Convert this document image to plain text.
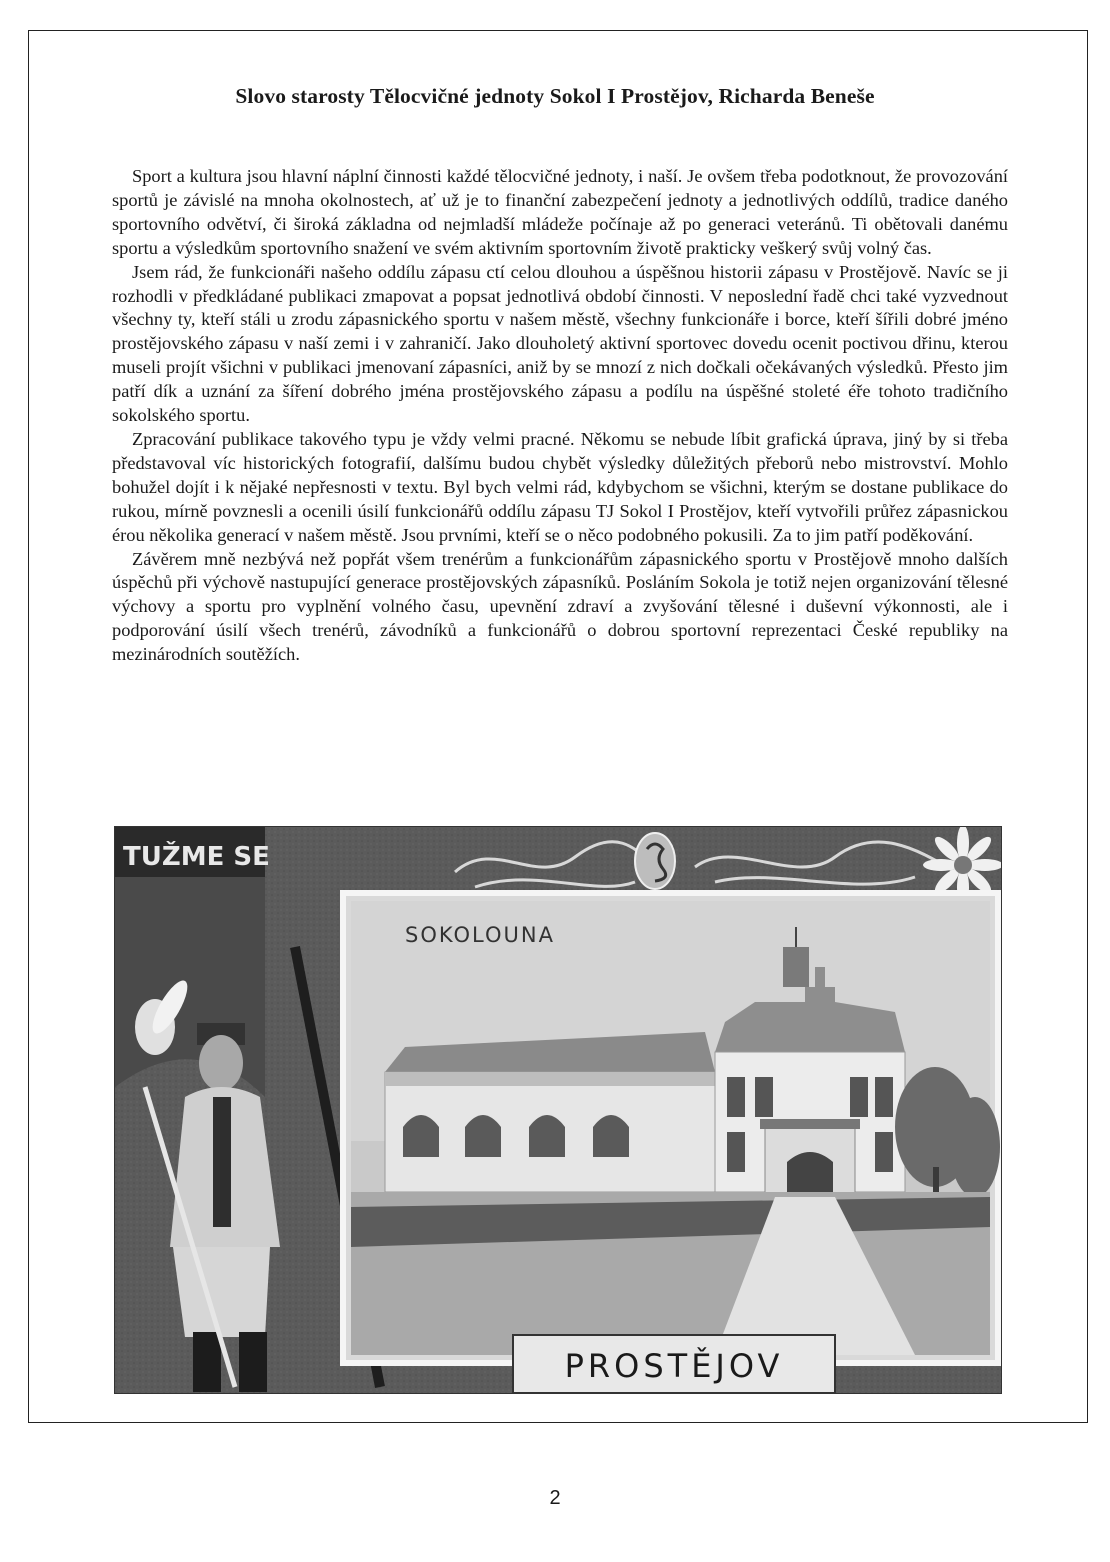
Slovo starosty Tělocvičné jednoty Sokol I Prostějov, Richarda Beneše

Sport a kultura jsou hlavní náplní činnosti každé tělocvičné jednoty, i naší. Je ovšem třeba podotknout, že provozování sportů je závislé na mnoha okolnostech, ať už je to finanční zabezpečení jednoty a jednotlivých oddílů, tradice daného sportovního odvětví, či široká základna od nejmladší mládeže počínaje až po generaci veteránů. Ti obětovali danému sportu a výsledkům sportovního snažení ve svém aktivním sportovním životě prakticky veškerý svůj volný čas.

Jsem rád, že funkcionáři našeho oddílu zápasu ctí celou dlouhou a úspěšnou historii zápasu v Prostějově. Navíc se ji rozhodli v předkládané publikaci zmapovat a popsat jednotlivá období činnosti. V neposlední řadě chci také vyzvednout všechny ty, kteří stáli u zrodu zápasnického sportu v našem městě, všechny funkcionáře i borce, kteří šířili dobré jméno prostějovského zápasu v naší zemi i v zahraničí. Jako dlouholetý aktivní sportovec dovedu ocenit poctivou dřinu, kterou museli projít všichni v publikaci jmenovaní zápasníci, aniž by se mnozí z nich dočkali očekávaných výsledků. Přesto jim patří dík a uznání za šíření dobrého jména prostějovského zápasu a podílu na úspěšné stoleté éře tohoto tradičního sokolského sportu.

Zpracování publikace takového typu je vždy velmi pracné. Někomu se nebude líbit grafická úprava, jiný by si třeba představoval víc historických fotografií, dalšímu budou chybět výsledky důležitých přeborů nebo mistrovství. Mohlo bohužel dojít i k nějaké nepřesnosti v textu. Byl bych velmi rád, kdybychom se všichni, kterým se dostane publikace do rukou, mírně povznesli a ocenili úsilí funkcionářů oddílu zápasu TJ Sokol I Prostějov, kteří vytvořili průřez zápasnickou érou několika generací v našem městě. Jsou prvními, kteří se o něco podobného pokusili. Za to jim patří poděkování.

Závěrem mně nezbývá než popřát všem trenérům a funkcionářům zápasnického sportu v Prostějově mnoho dalších úspěchů při výchově nastupující generace prostějovských zápasníků. Posláním Sokola je totiž nejen organizování tělesné výchovy a sportu pro vyplnění volného času, upevnění zdraví a zvyšování tělesné i duševní výkonnosti, ale i podporování úsilí všech trenérů, závodníků a funkcionářů o dobrou sportovní reprezentaci České republiky na mezinárodních soutěžích.

TUŽME SE
SOKOLOUNA
PROSTĚJOV
2
